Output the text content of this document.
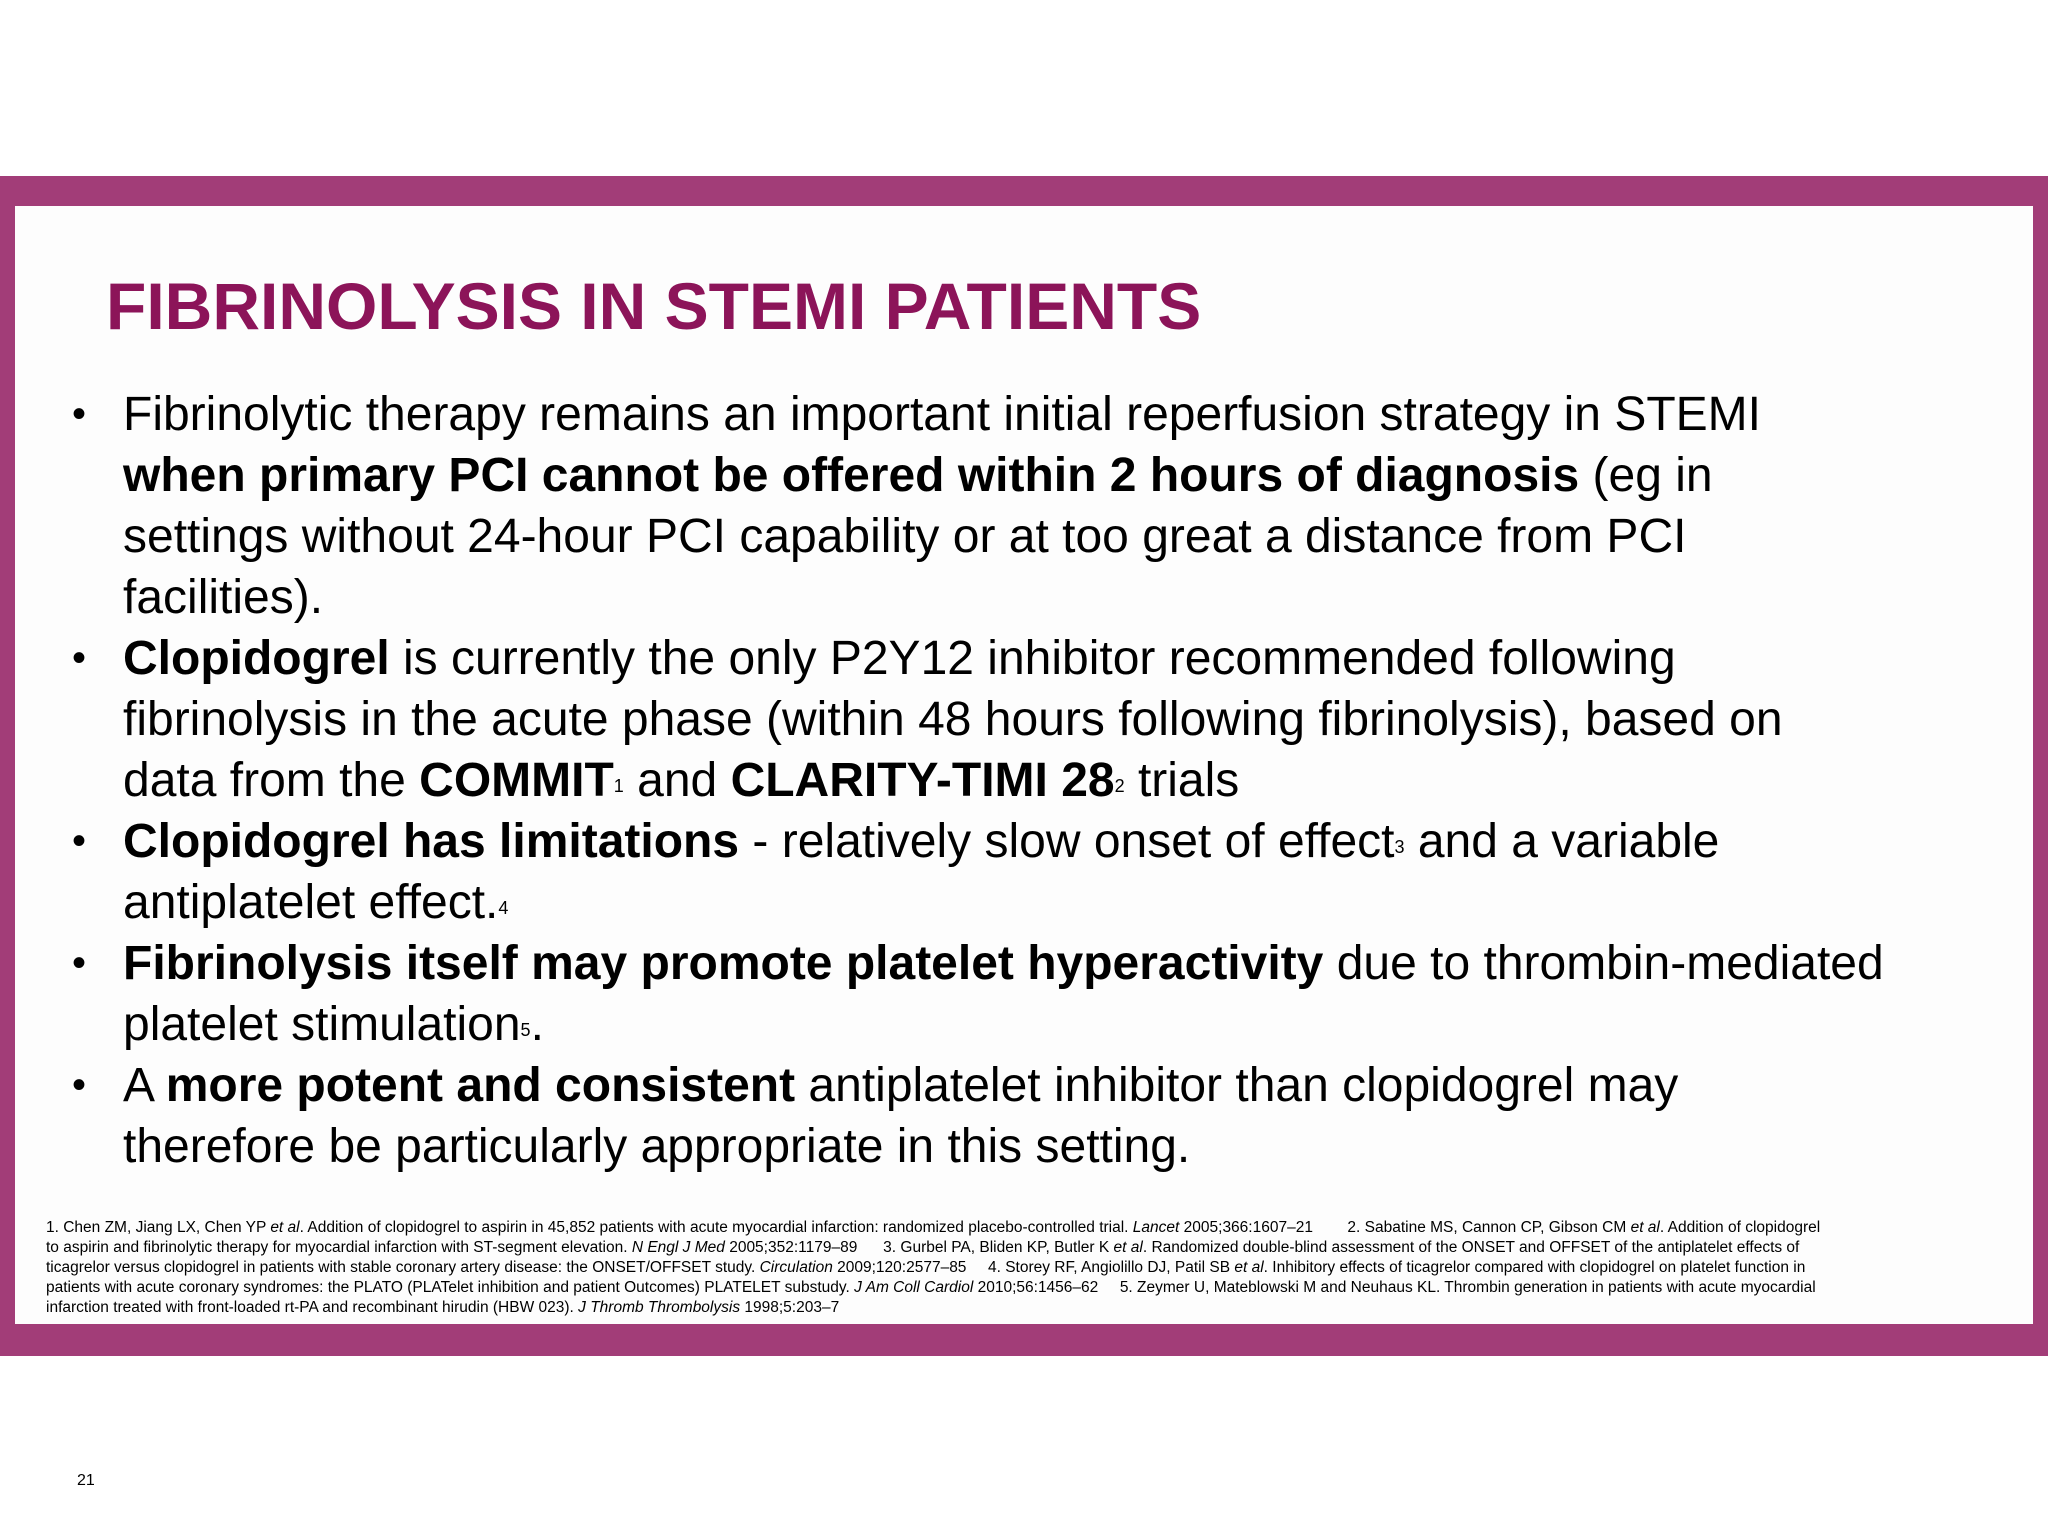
FIBRINOLYSIS IN STEMI PATIENTS
• Fibrinolytic therapy remains an important initial reperfusion strategy in STEMI
when primary PCI cannot be offered within 2 hours of diagnosis (eg in
settings without 24-hour PCI capability or at too great a distance from PCI
facilities).
• Clopidogrel is currently the only P2Y12 inhibitor recommended following
fibrinolysis in the acute phase (within 48 hours following fibrinolysis), based on
data from the COMMIT$^1$ and CLARITY-TIMI $28^2$ trials
• Clopidogrel has limitations - relatively slow onset of effect$^3$ and a variable
antiplatelet effect.$^4$
• Fibrinolysis itself may promote platelet hyperactivity due to thrombin-mediated
platelet stimulation$^5$.
• A more potent and consistent antiplatelet inhibitor than clopidogrel may
therefore be particularly appropriate in this setting.
1. Chen ZM, Jiang LX, Chen YP et al. Addition of clopidogrel to aspirin in 45,852 patients with acute myocardial infarction: randomized placebo-controlled trial. Lancet 2005;366:1607–21        2. Sabatine MS, Cannon CP, Gibson CM et al. Addition of clopidogrel
to aspirin and fibrinolytic therapy for myocardial infarction with ST-segment elevation. N Engl J Med 2005;352:1179–89      3. Gurbel PA, Bliden KP, Butler K et al. Randomized double-blind assessment of the ONSET and OFFSET of the antiplatelet effects of
ticagrelor versus clopidogrel in patients with stable coronary artery disease: the ONSET/OFFSET study. Circulation 2009;120:2577–85     4. Storey RF, Angiolillo DJ, Patil SB et al. Inhibitory effects of ticagrelor compared with clopidogrel on platelet function in
patients with acute coronary syndromes: the PLATO (PLATelet inhibition and patient Outcomes) PLATELET substudy. J Am Coll Cardiol 2010;56:1456–62     5. Zeymer U, Mateblowski M and Neuhaus KL. Thrombin generation in patients with acute myocardial
infarction treated with front-loaded rt-PA and recombinant hirudin (HBW 023). J Thromb Thrombolysis 1998;5:203–7
21
